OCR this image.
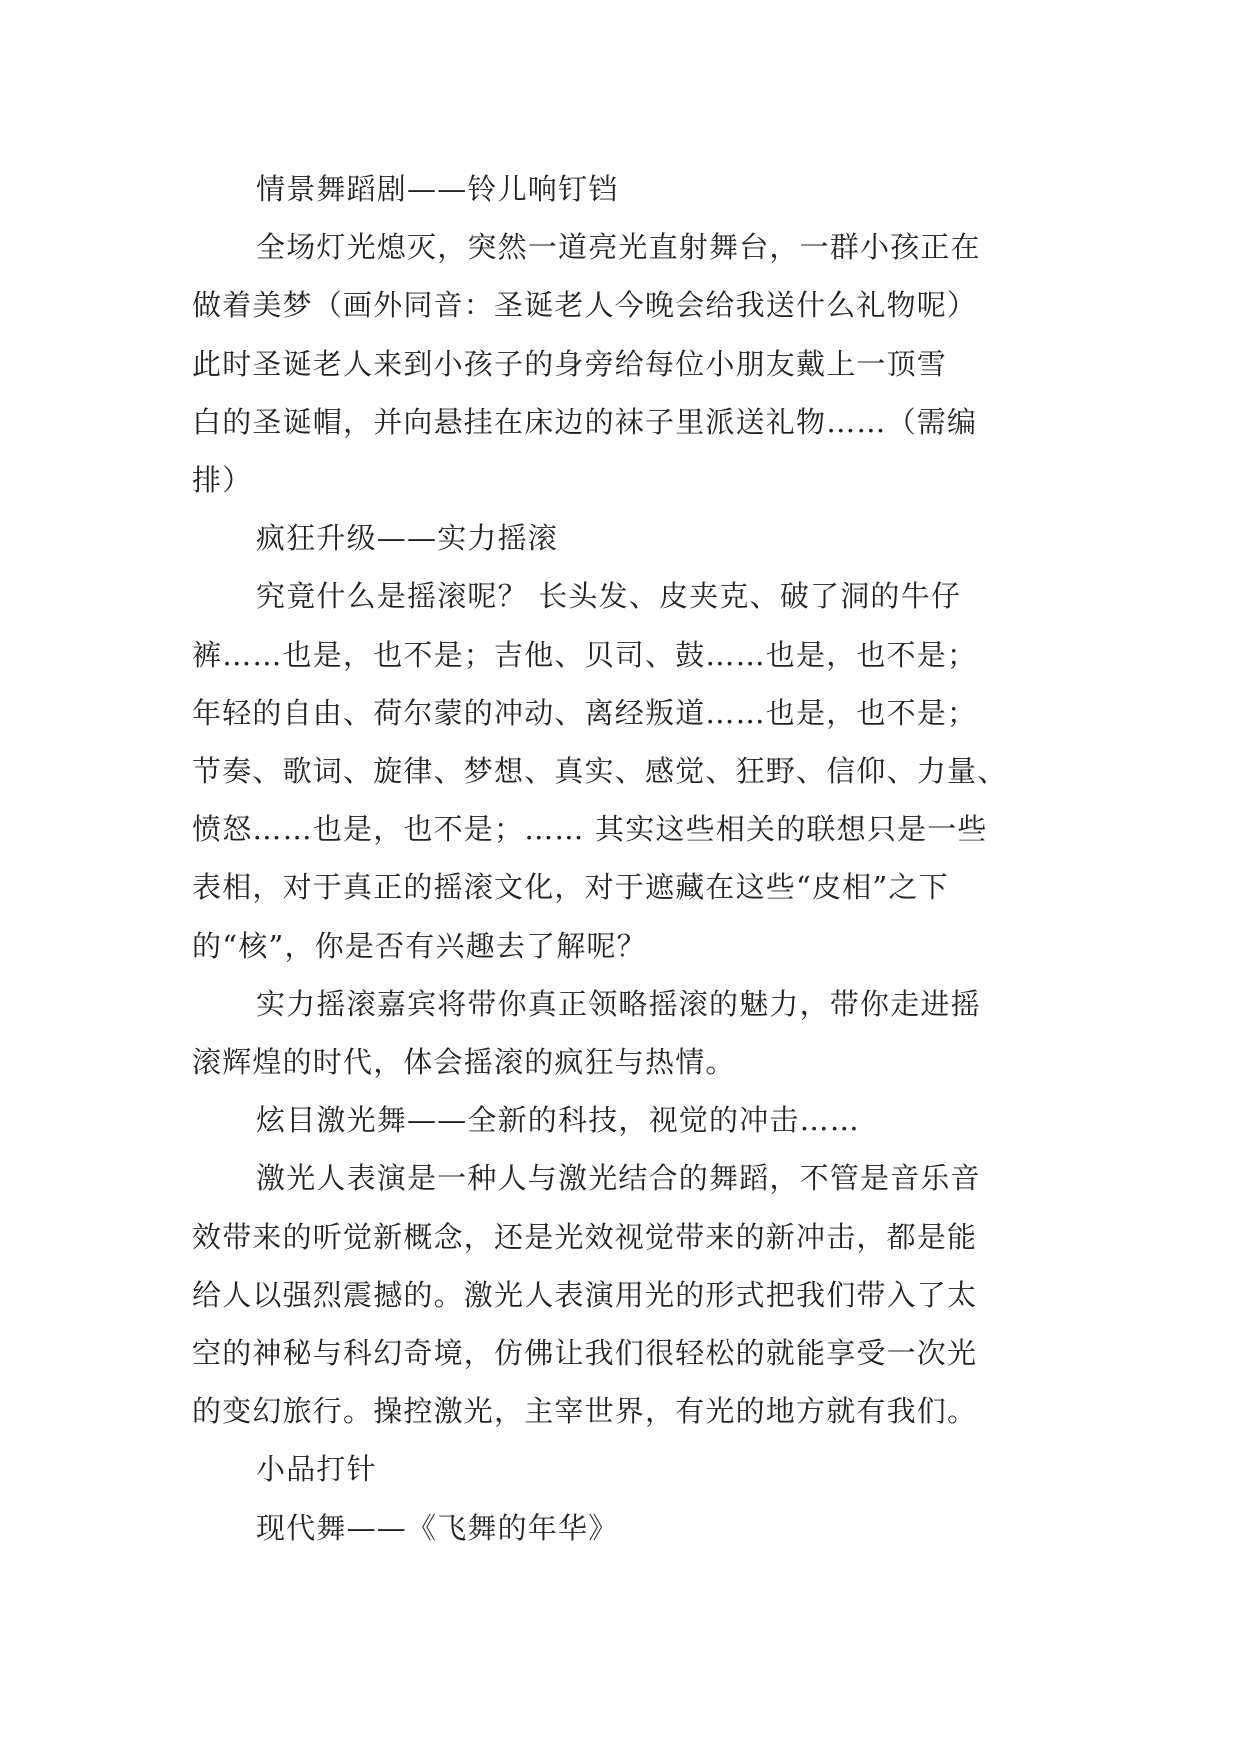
情景舞蹈剧——铃儿响钉铛
全场灯光熄灭，突然一道亮光直射舞台，一群小孩正在
做着美梦（画外同音：圣诞老人今晚会给我送什么礼物呢）
此时圣诞老人来到小孩子的身旁给每位小朋友戴上一顶雪
白的圣诞帽，并向悬挂在床边的袜子里派送礼物……（需编
排）
疯狂升级——实力摇滚
究竟什么是摇滚呢？ 长头发、皮夹克、破了洞的牛仔
裤……也是，也不是；吉他、贝司、鼓……也是，也不是；
年轻的自由、荷尔蒙的冲动、离经叛道……也是，也不是；
节奏、歌词、旋律、梦想、真实、感觉、狂野、信仰、力量、
愤怒……也是，也不是；…… 其实这些相关的联想只是一些
表相，对于真正的摇滚文化，对于遮藏在这些“皮相”之下
的“核”，你是否有兴趣去了解呢？
实力摇滚嘉宾将带你真正领略摇滚的魅力，带你走进摇
滚辉煌的时代，体会摇滚的疯狂与热情。
炫目激光舞——全新的科技，视觉的冲击……
激光人表演是一种人与激光结合的舞蹈，不管是音乐音
效带来的听觉新概念，还是光效视觉带来的新冲击，都是能
给人以强烈震撼的。激光人表演用光的形式把我们带入了太
空的神秘与科幻奇境，仿佛让我们很轻松的就能享受一次光
的变幻旅行。操控激光，主宰世界，有光的地方就有我们。
小品打针
现代舞——《飞舞的年华》
